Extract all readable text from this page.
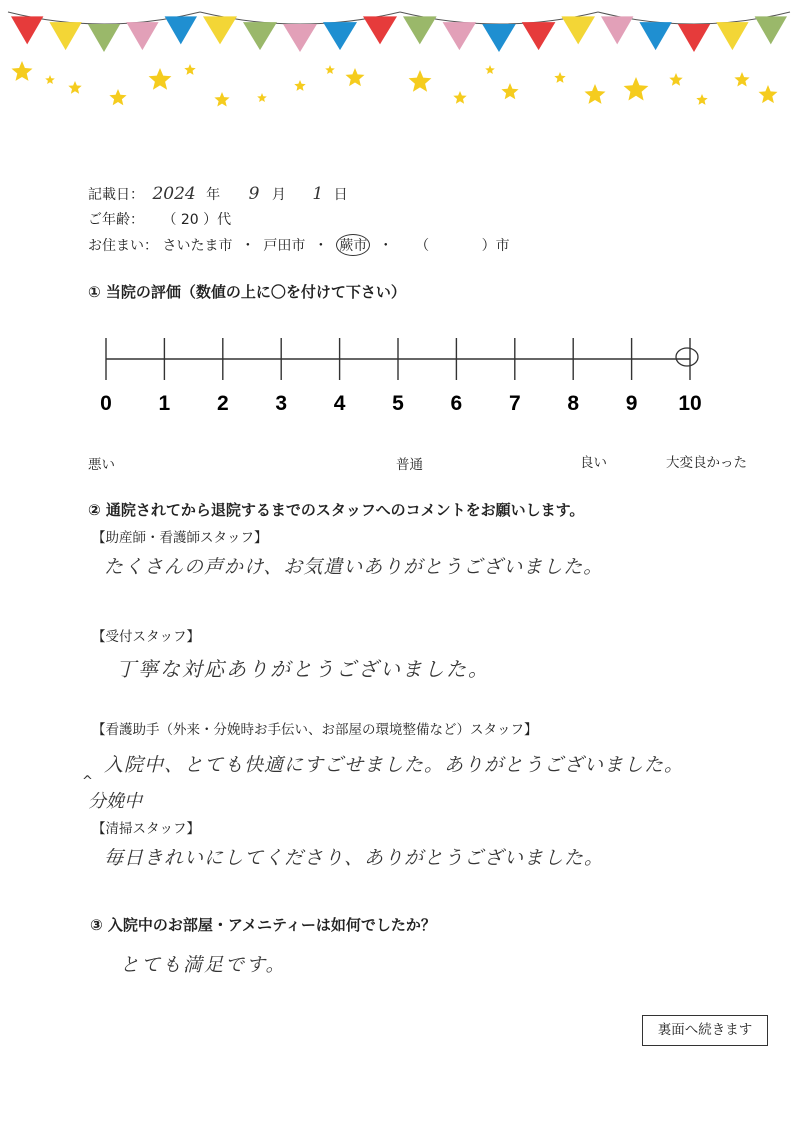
記載日： 2024 年 9 月 1 日
ご年齢： （ 20 ）代
お住まい： さいたま市 ・ 戸田市 ・ 蕨市 ・ （	）市
① 当院の評価（数値の上に〇を付けて下さい）
0 1 2 3 4 5 6 7 8 9 10
悪い	普通	良い	大変良かった
② 通院されてから退院するまでのスタッフへのコメントをお願いします。
【助産師・看護師スタッフ】
たくさんの声かけ、お気遣いありがとうございました。
【受付スタッフ】
丁寧な対応ありがとうございました。
【看護助手（外来・分娩時お手伝い、お部屋の環境整備など）スタッフ】
入院中、とても快適にすごせました。ありがとうございました。
^
分娩中
【清掃スタッフ】
毎日きれいにしてくださり、ありがとうございました。
③ 入院中のお部屋・アメニティーは如何でしたか？
とても満足です。
裏面へ続きます
